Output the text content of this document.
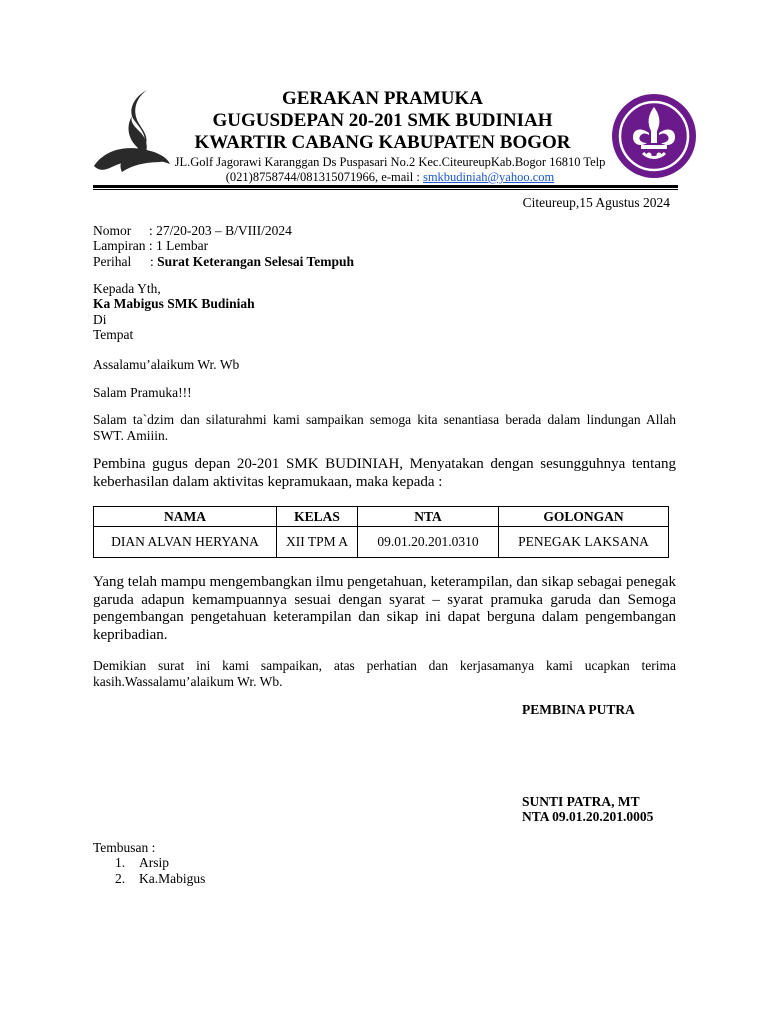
GERAKAN PRAMUKA
GUGUSDEPAN 20-201 SMK BUDINIAH
KWARTIR CABANG KABUPATEN BOGOR
JL.Golf Jagorawi Karanggan Ds Puspasari No.2 Kec.CiteureupKab.Bogor 16810 Telp
(021)8758744/081315071966, e-mail : smkbudiniah@yahoo.com
Citeureup,15 Agustus 2024
Nomor : 27/20-203 – B/VIII/2024
Lampiran : 1 Lembar
Perihal : Surat Keterangan Selesai Tempuh
Kepada Yth,
Ka Mabigus SMK Budiniah
Di
Tempat
Assalamu’alaikum Wr. Wb
Salam Pramuka!!!
Salam ta`dzim dan silaturahmi kami sampaikan semoga kita senantiasa berada dalam lindungan Allah SWT. Amiiin.
Pembina gugus depan 20-201 SMK BUDINIAH, Menyatakan dengan sesungguhnya tentang keberhasilan dalam aktivitas kepramukaan, maka kepada :
NAMA	KELAS	NTA	GOLONGAN
DIAN ALVAN HERYANA	XII TPM A	09.01.20.201.0310	PENEGAK LAKSANA
Yang telah mampu mengembangkan ilmu pengetahuan, keterampilan, dan sikap sebagai penegak garuda adapun kemampuannya sesuai dengan syarat – syarat pramuka garuda dan Semoga pengembangan pengetahuan keterampilan dan sikap ini dapat berguna dalam pengembangan kepribadian.
Demikian surat ini kami sampaikan, atas perhatian dan kerjasamanya kami ucapkan terima kasih.Wassalamu’alaikum Wr. Wb.
PEMBINA PUTRA
SUNTI PATRA, MT
NTA 09.01.20.201.0005
Tembusan :
1. Arsip
2. Ka.Mabigus
